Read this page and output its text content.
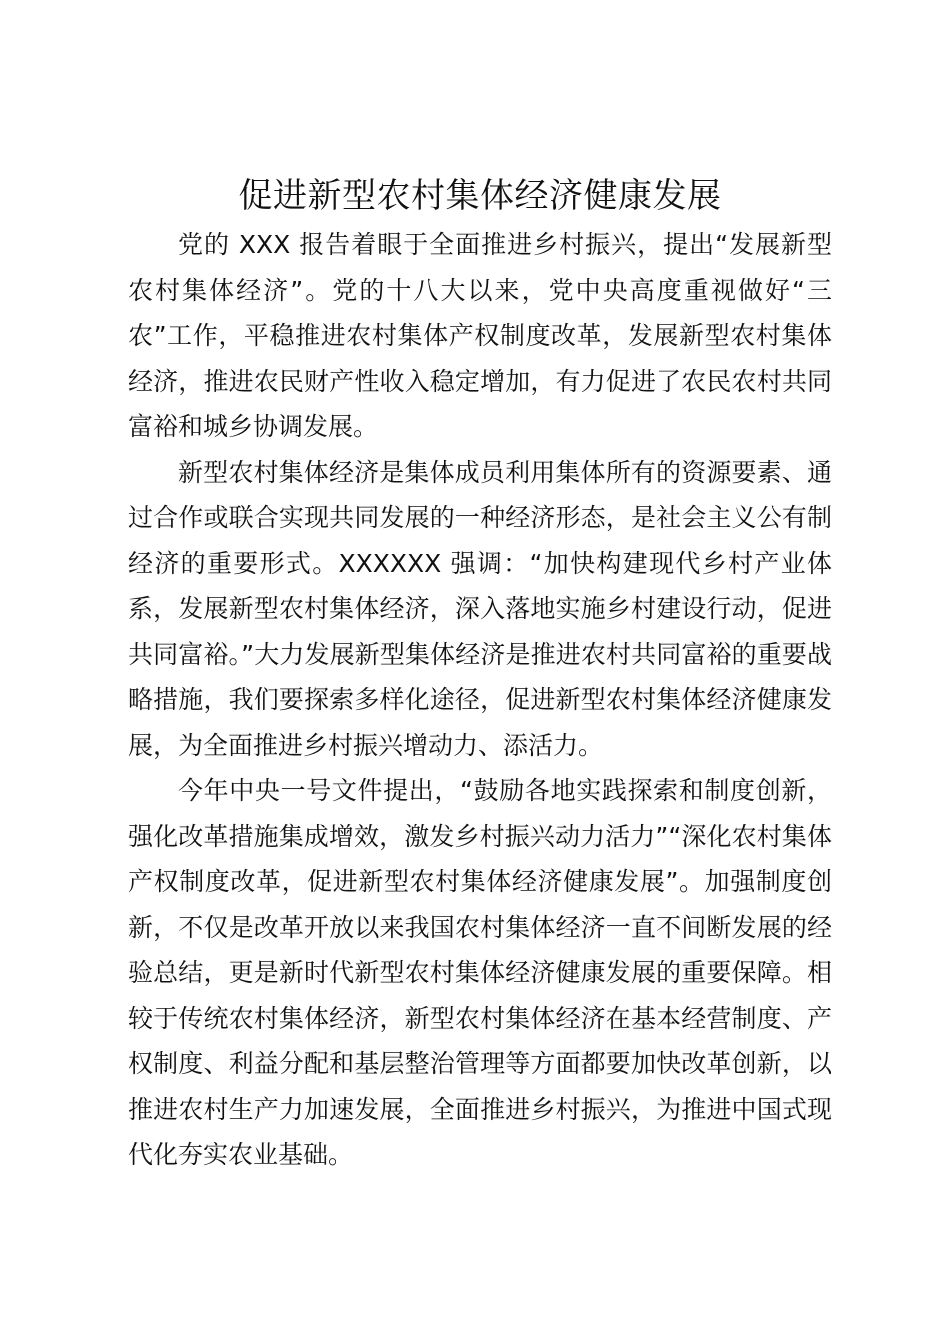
促进新型农村集体经济健康发展

党的 XXX 报告着眼于全面推进乡村振兴，提出“发展新型农村集体经济”。党的十八大以来，党中央高度重视做好“三农”工作，平稳推进农村集体产权制度改革，发展新型农村集体经济，推进农民财产性收入稳定增加，有力促进了农民农村共同富裕和城乡协调发展。

新型农村集体经济是集体成员利用集体所有的资源要素、通过合作或联合实现共同发展的一种经济形态，是社会主义公有制经济的重要形式。XXXXXX 强调：“加快构建现代乡村产业体系，发展新型农村集体经济，深入落地实施乡村建设行动，促进共同富裕。”大力发展新型集体经济是推进农村共同富裕的重要战略措施，我们要探索多样化途径，促进新型农村集体经济健康发展，为全面推进乡村振兴增动力、添活力。

今年中央一号文件提出，“鼓励各地实践探索和制度创新，强化改革措施集成增效，激发乡村振兴动力活力”“深化农村集体产权制度改革，促进新型农村集体经济健康发展”。加强制度创新，不仅是改革开放以来我国农村集体经济一直不间断发展的经验总结，更是新时代新型农村集体经济健康发展的重要保障。相较于传统农村集体经济，新型农村集体经济在基本经营制度、产权制度、利益分配和基层整治管理等方面都要加快改革创新，以推进农村生产力加速发展，全面推进乡村振兴，为推进中国式现代化夯实农业基础。
